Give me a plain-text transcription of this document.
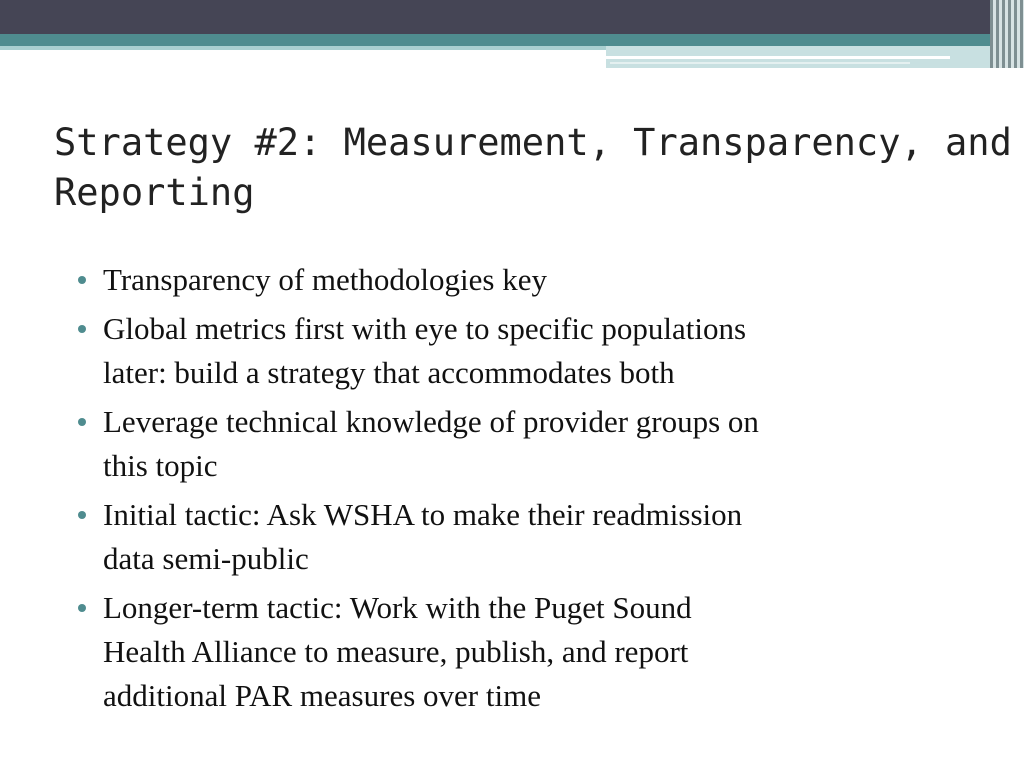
Strategy #2: Measurement, Transparency, and
Reporting
Transparency of methodologies key
Global metrics first with eye to specific populations
later: build a strategy that accommodates both
Leverage technical knowledge of provider groups on
this topic
Initial tactic: Ask WSHA to make their readmission
data semi-public
Longer-term tactic: Work with the Puget Sound
Health Alliance to measure, publish, and report
additional PAR measures over time
